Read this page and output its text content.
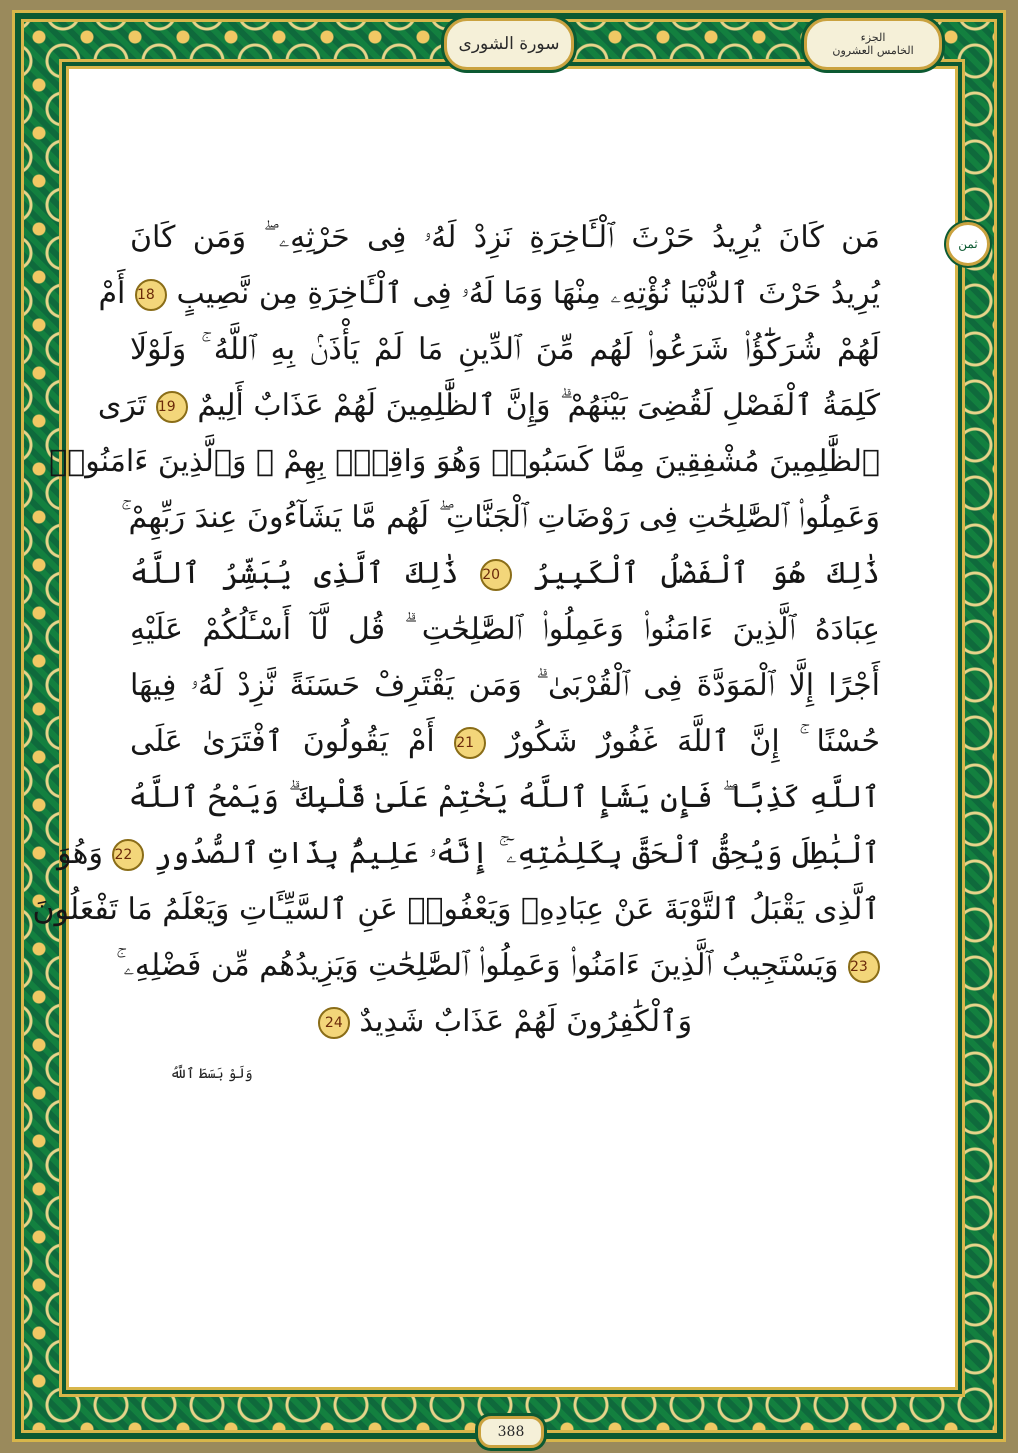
سورة الشورى	الجزء
الخامس العشرون
ثمن
مَن كَانَ يُرِيدُ حَرْثَ ٱلْـَٔاخِرَةِ نَزِدْ لَهُۥ فِى حَرْثِهِۦ ۖ وَمَن كَانَ
يُرِيدُ حَرْثَ ٱلدُّنْيَا نُؤْتِهِۦ مِنْهَا وَمَا لَهُۥ فِى ٱلْـَٔاخِرَةِ مِن نَّصِيبٍ 18 أَمْ
لَهُمْ شُرَكَٰٓؤُا۟ شَرَعُوا۟ لَهُم مِّنَ ٱلدِّينِ مَا لَمْ يَأْذَنۢ بِهِ ٱللَّهُ ۚ وَلَوْلَا
كَلِمَةُ ٱلْفَصْلِ لَقُضِىَ بَيْنَهُمْ ۗ وَإِنَّ ٱلظَّٰلِمِينَ لَهُمْ عَذَابٌ أَلِيمٌ 19 تَرَى
ٱلظَّٰلِمِينَ مُشْفِقِينَ مِمَّا كَسَبُوا۟ وَهُوَ وَاقِعٌۢ بِهِمْ ۗ وَٱلَّذِينَ ءَامَنُوا۟
وَعَمِلُوا۟ ٱلصَّٰلِحَٰتِ فِى رَوْضَاتِ ٱلْجَنَّاتِ ۖ لَهُم مَّا يَشَآءُونَ عِندَ رَبِّهِمْ ۚ
ذَٰلِكَ هُوَ ٱلْفَضْلُ ٱلْكَبِيرُ 20 ذَٰلِكَ ٱلَّذِى يُبَشِّرُ ٱللَّهُ
عِبَادَهُ ٱلَّذِينَ ءَامَنُوا۟ وَعَمِلُوا۟ ٱلصَّٰلِحَٰتِ ۗ قُل لَّآ أَسْـَٔلُكُمْ عَلَيْهِ
أَجْرًا إِلَّا ٱلْمَوَدَّةَ فِى ٱلْقُرْبَىٰ ۗ وَمَن يَقْتَرِفْ حَسَنَةً نَّزِدْ لَهُۥ فِيهَا
حُسْنًا ۚ إِنَّ ٱللَّهَ غَفُورٌ شَكُورٌ 21 أَمْ يَقُولُونَ ٱفْتَرَىٰ عَلَى
ٱللَّهِ كَذِبًا ۖ فَإِن يَشَإِ ٱللَّهُ يَخْتِمْ عَلَىٰ قَلْبِكَ ۗ وَيَمْحُ ٱللَّهُ
ٱلْبَٰطِلَ وَيُحِقُّ ٱلْحَقَّ بِكَلِمَٰتِهِۦٓ ۚ إِنَّهُۥ عَلِيمٌۢ بِذَاتِ ٱلصُّدُورِ 22 وَهُوَ
ٱلَّذِى يَقْبَلُ ٱلتَّوْبَةَ عَنْ عِبَادِهِۦ وَيَعْفُوا۟ عَنِ ٱلسَّيِّـَٔاتِ وَيَعْلَمُ مَا تَفْعَلُونَ
23 وَيَسْتَجِيبُ ٱلَّذِينَ ءَامَنُوا۟ وَعَمِلُوا۟ ٱلصَّٰلِحَٰتِ وَيَزِيدُهُم مِّن فَضْلِهِۦ ۚ
وَٱلْكَٰفِرُونَ لَهُمْ عَذَابٌ شَدِيدٌ 24
وَلَوْ بَسَطَ ٱللَّهُ
388
